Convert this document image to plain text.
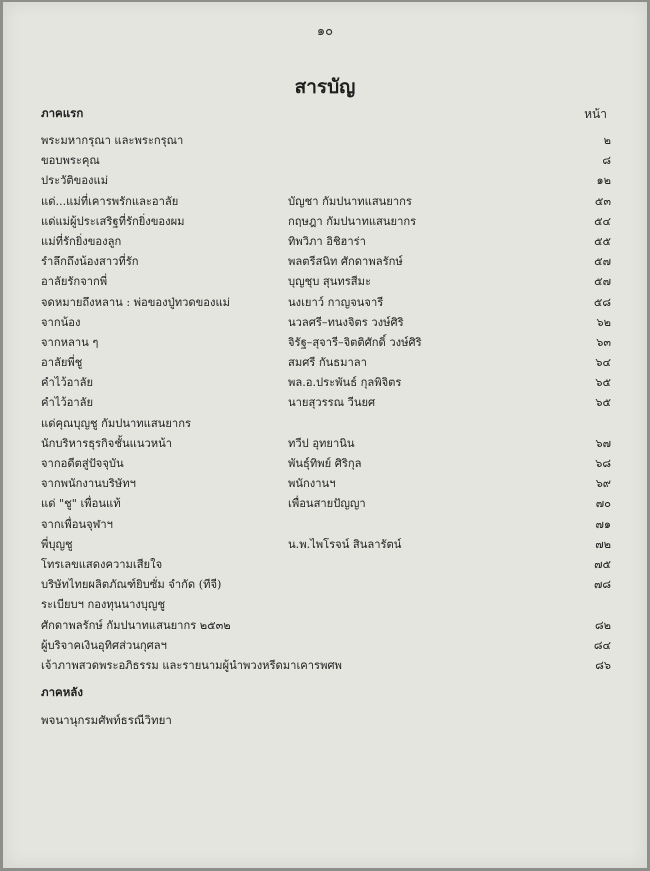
๑๐
สารบัญ
ภาคแรก	หน้า
พระมหากรุณา และพระกรุณา	๒
ขอบพระคุณ	๘
ประวัติของแม่	๑๒
แด่...แม่ที่เคารพรักและอาลัย	บัญชา กัมปนาทแสนยากร	๕๓
แด่แม่ผู้ประเสริฐที่รักยิ่งของผม	กฤษฎา กัมปนาทแสนยากร	๕๔
แม่ที่รักยิ่งของลูก	ทิพวิภา อิชิฮาร่า	๕๕
รำลึกถึงน้องสาวที่รัก	พลตรีสนิท ศักดาพลรักษ์	๕๗
อาลัยรักจากพี่	บุญชุบ สุนทรสีมะ	๕๗
จดหมายถึงหลาน : พ่อของปู่ทวดของแม่	นงเยาว์ กาญจนจารี	๕๘
จากน้อง	นวลศรี–ทนงจิตร วงษ์ศิริ	๖๒
จากหลาน ๆ	จิรัฐ–สุจารี–จิตติศักดิ์ วงษ์ศิริ	๖๓
อาลัยพี่ชู	สมศรี กันธมาลา	๖๔
คำไว้อาลัย	พล.อ.ประพันธ์ กุลพิจิตร	๖๕
คำไว้อาลัย	นายสุวรรณ วีนยศ	๖๕
แด่คุณบุญชู กัมปนาทแสนยากร
นักบริหารธุรกิจชั้นแนวหน้า	ทวีป อุทยานิน	๖๗
จากอดีตสู่ปัจจุบัน	พันธุ์ทิพย์ ศิริกุล	๖๘
จากพนักงานบริษัทฯ	พนักงานฯ	๖๙
แด่ "ชู" เพื่อนแท้	เพื่อนสายปัญญา	๗๐
จากเพื่อนจุฬาฯ	๗๑
พี่บุญชู	น.พ.ไพโรจน์ สินลารัตน์	๗๒
โทรเลขแสดงความเสียใจ	๗๕
บริษัทไทยผลิตภัณฑ์ยิบซั่ม จำกัด (ทีจี)	๗๘
ระเบียบฯ กองทุนนางบุญชู
ศักดาพลรักษ์ กัมปนาทแสนยากร ๒๕๓๒	๘๒
ผู้บริจาคเงินอุทิศส่วนกุศลฯ	๘๔
เจ้าภาพสวดพระอภิธรรม และรายนามผู้นำพวงหรีดมาเคารพศพ	๘๖
ภาคหลัง
พจนานุกรมศัพท์ธรณีวิทยา
